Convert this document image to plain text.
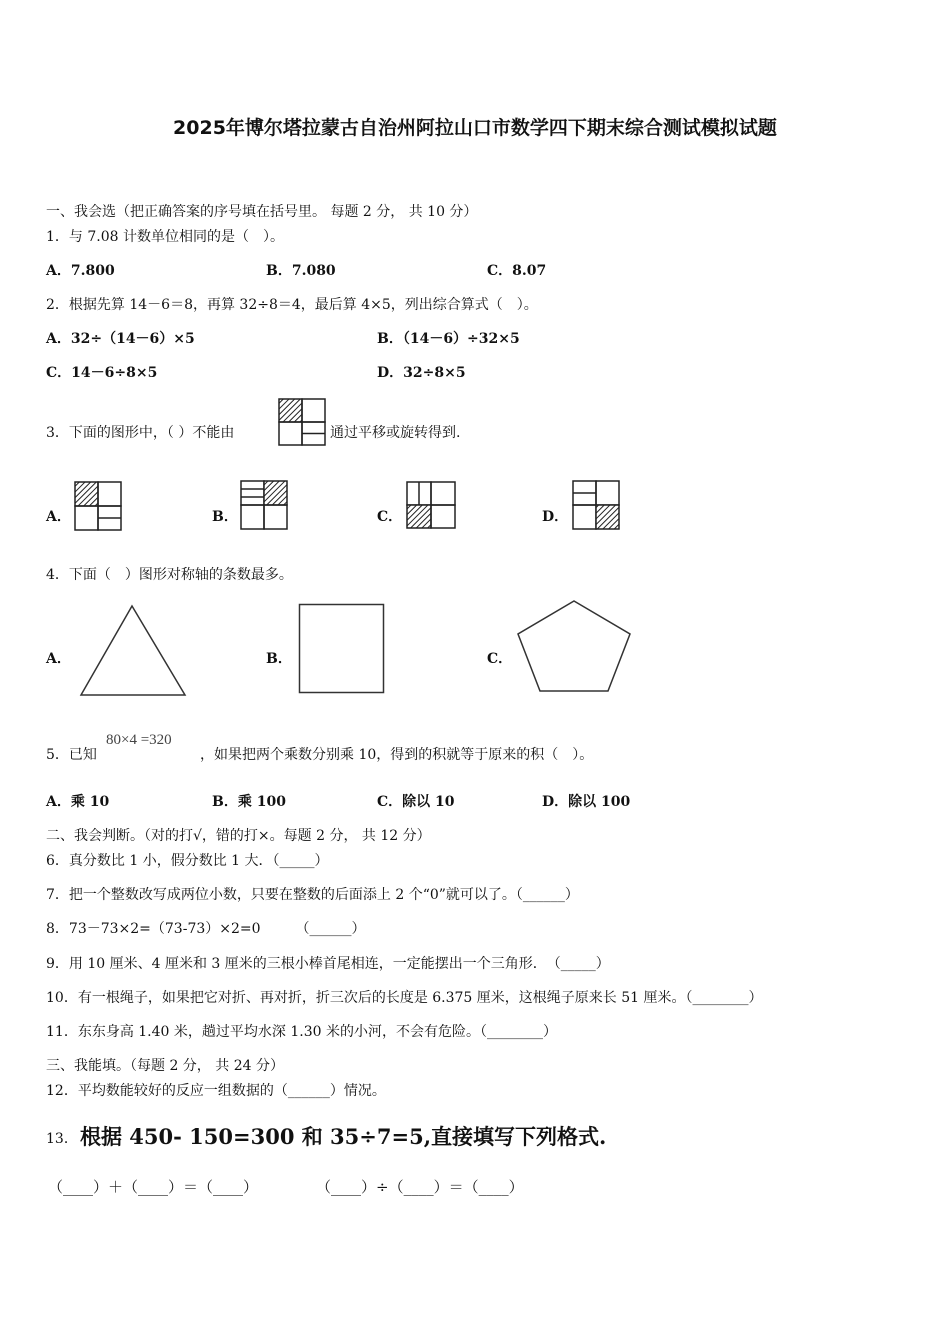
2025年博尔塔拉蒙古自治州阿拉山口市数学四下期末综合测试模拟试题
一、我会选（把正确答案的序号填在括号里。 每题 2 分， 共 10 分）
1．与 7.08 计数单位相同的是（　）。
A．7.800	B．7.080	C．8.07
2．根据先算 14－6＝8，再算 32÷8＝4，最后算 4×5，列出综合算式（　）。
A．32÷（14－6）×5	B．（14－6）÷32×5
C．14－6÷8×5	D．32÷8×5
3．下面的图形中，（ ）不能由	通过平移或旋转得到.
A．	B．	C．	D．
4．下面（　）图形对称轴的条数最多。
A．	B．	C．
5．已知
80×4 =320
，如果把两个乘数分别乘 10，得到的积就等于原来的积（　）。
A．乘 10	B．乘 100	C．除以 10	D．除以 100
二、我会判断。（对的打√，错的打×。每题 2 分， 共 12 分）
6．真分数比 1 小，假分数比 1 大．（_____）
7．把一个整数改写成两位小数，只要在整数的后面添上 2 个“0”就可以了。（______）
8．73－73×2=（73-73）×2=0　　　（______）
9．用 10 厘米、4 厘米和 3 厘米的三根小棒首尾相连，一定能摆出一个三角形．　（_____）
10．有一根绳子，如果把它对折、再对折，折三次后的长度是 6.375 厘米，这根绳子原来长 51 厘米。（________）
11．东东身高 1.40 米，趟过平均水深 1.30 米的小河，不会有危险。（________）
三、我能填。（每题 2 分， 共 24 分）
12．平均数能较好的反应一组数据的（______）情况。
13． 根据 450- 150=300 和 35÷7=5,直接填写下列格式.
（____）＋（____）＝（____）	（____）÷（____）＝（____）
